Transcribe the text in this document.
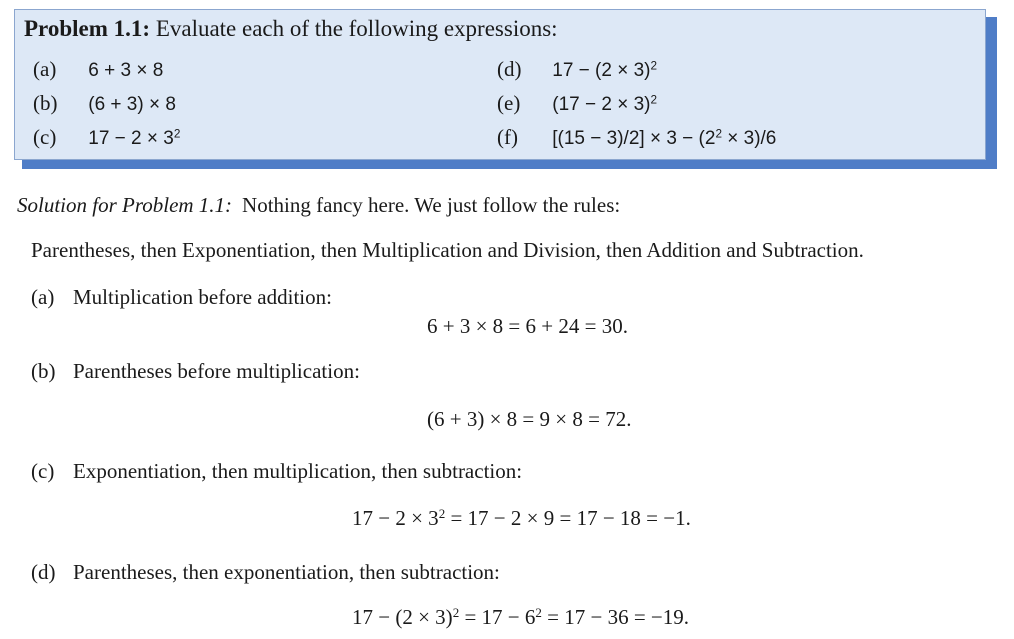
Problem 1.1: Evaluate each of the following expressions:
(a) 6 + 3 × 8
(b) (6 + 3) × 8
(c) $17 - 2 \times 3^2$
(d) $17 - (2 \times 3)^2$
(e) $(17 - 2 \times 3)^2$
(f) $[(15 - 3)/2] \times 3 - (2^2 \times 3)/6$
Solution for Problem 1.1: Nothing fancy here. We just follow the rules:
Parentheses, then Exponentiation, then Multiplication and Division, then Addition and Subtraction.
(a) Multiplication before addition:
6 + 3 × 8 = 6 + 24 = 30.
(b) Parentheses before multiplication:
(6 + 3) × 8 = 9 × 8 = 72.
(c) Exponentiation, then multiplication, then subtraction:
$17 - 2 \times 3^2 = 17 - 2 \times 9 = 17 - 18 = -1$.
(d) Parentheses, then exponentiation, then subtraction:
$17 - (2 \times 3)^2 = 17 - 6^2 = 17 - 36 = -19$.
